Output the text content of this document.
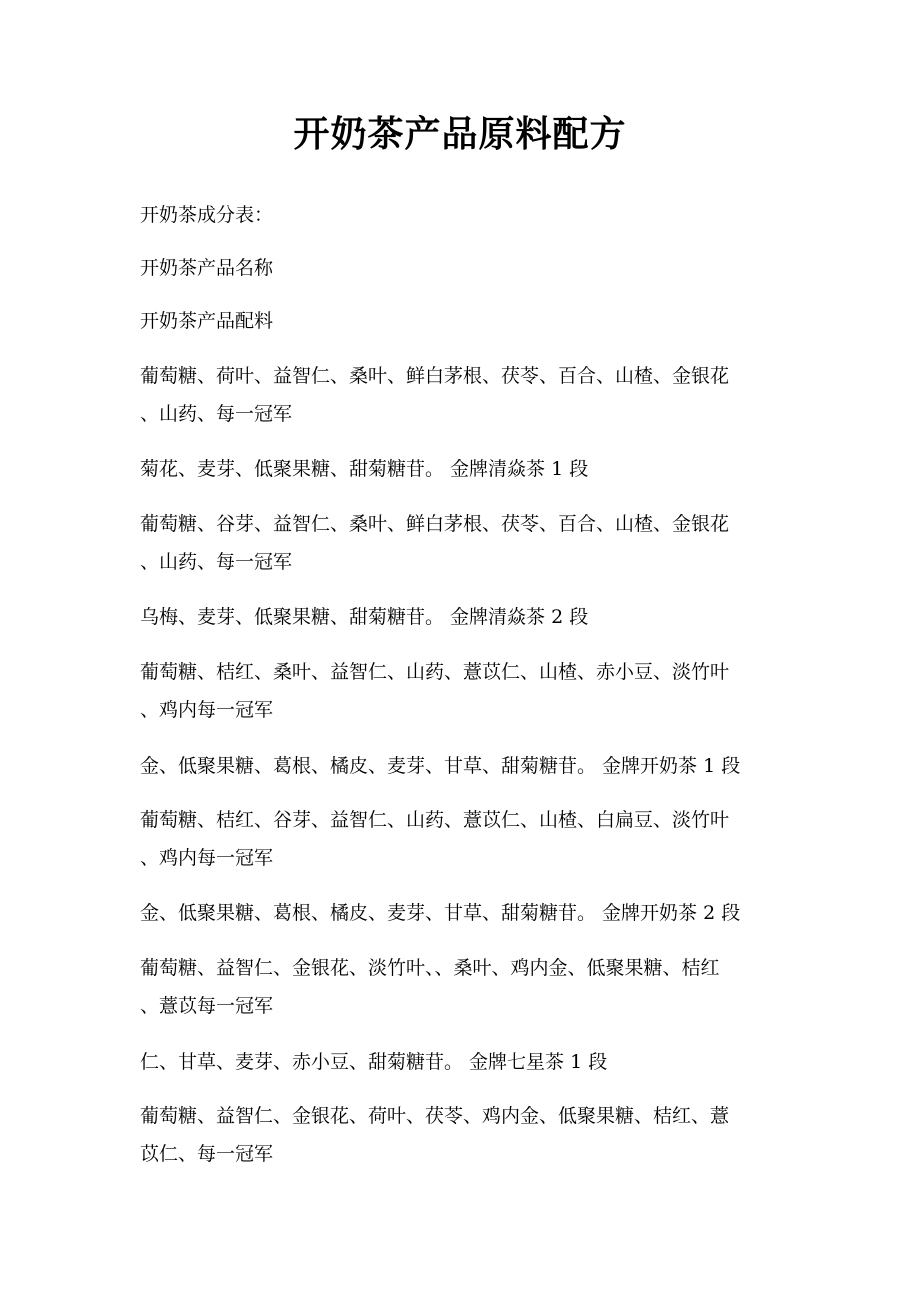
开奶茶产品原料配方

开奶茶成分表：

开奶茶产品名称

开奶茶产品配料

葡萄糖、荷叶、益智仁、桑叶、鲜白茅根、茯苓、百合、山楂、金银花
、山药、每一冠军

菊花、麦芽、低聚果糖、甜菊糖苷。 金牌清焱茶 1 段

葡萄糖、谷芽、益智仁、桑叶、鲜白茅根、茯苓、百合、山楂、金银花
、山药、每一冠军

乌梅、麦芽、低聚果糖、甜菊糖苷。 金牌清焱茶 2 段

葡萄糖、桔红、桑叶、益智仁、山药、薏苡仁、山楂、赤小豆、淡竹叶
、鸡内每一冠军

金、低聚果糖、葛根、橘皮、麦芽、甘草、甜菊糖苷。 金牌开奶茶 1 段

葡萄糖、桔红、谷芽、益智仁、山药、薏苡仁、山楂、白扁豆、淡竹叶
、鸡内每一冠军

金、低聚果糖、葛根、橘皮、麦芽、甘草、甜菊糖苷。 金牌开奶茶 2 段

葡萄糖、益智仁、金银花、淡竹叶、、桑叶、鸡内金、低聚果糖、桔红
、薏苡每一冠军

仁、甘草、麦芽、赤小豆、甜菊糖苷。 金牌七星茶 1 段

葡萄糖、益智仁、金银花、荷叶、茯苓、鸡内金、低聚果糖、桔红、薏
苡仁、每一冠军
